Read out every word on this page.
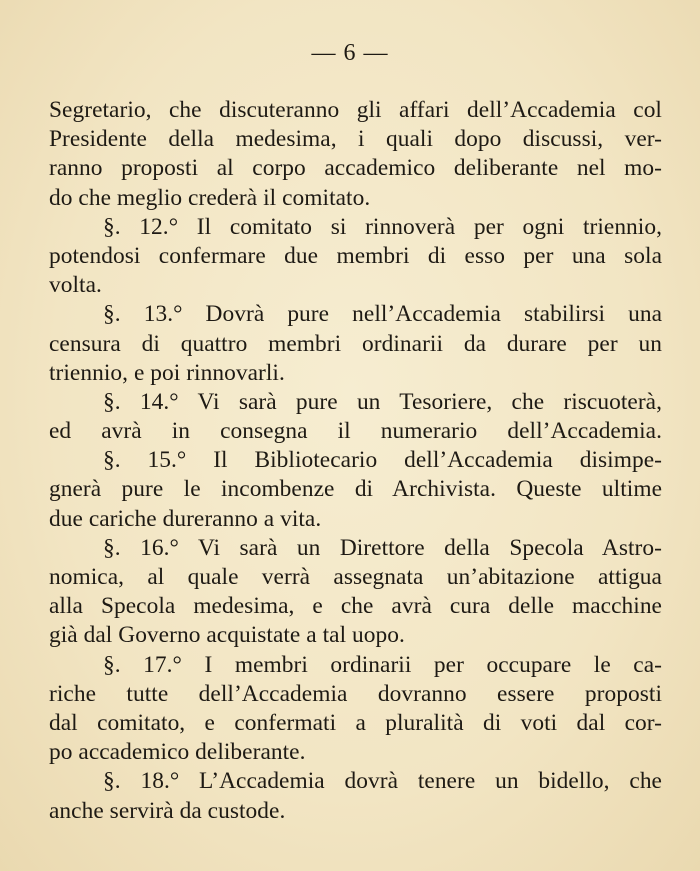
— 6 —
Segretario, che discuteranno gli affari dell’Accademia col
Presidente della medesima, i quali dopo discussi, ver-
ranno proposti al corpo accademico deliberante nel mo-
do che meglio crederà il comitato.
§. 12.° Il comitato si rinnoverà per ogni triennio,
potendosi confermare due membri di esso per una sola
volta.
§. 13.° Dovrà pure nell’Accademia stabilirsi una
censura di quattro membri ordinarii da durare per un
triennio, e poi rinnovarli.
§. 14.° Vi sarà pure un Tesoriere, che riscuoterà,
ed avrà in consegna il numerario dell’Accademia.
§. 15.° Il Bibliotecario dell’Accademia disimpe-
gnerà pure le incombenze di Archivista. Queste ultime
due cariche dureranno a vita.
§. 16.° Vi sarà un Direttore della Specola Astro-
nomica, al quale verrà assegnata un’abitazione attigua
alla Specola medesima, e che avrà cura delle macchine
già dal Governo acquistate a tal uopo.
§. 17.° I membri ordinarii per occupare le ca-
riche tutte dell’Accademia dovranno essere proposti
dal comitato, e confermati a pluralità di voti dal cor-
po accademico deliberante.
§. 18.° L’Accademia dovrà tenere un bidello, che
anche servirà da custode.
